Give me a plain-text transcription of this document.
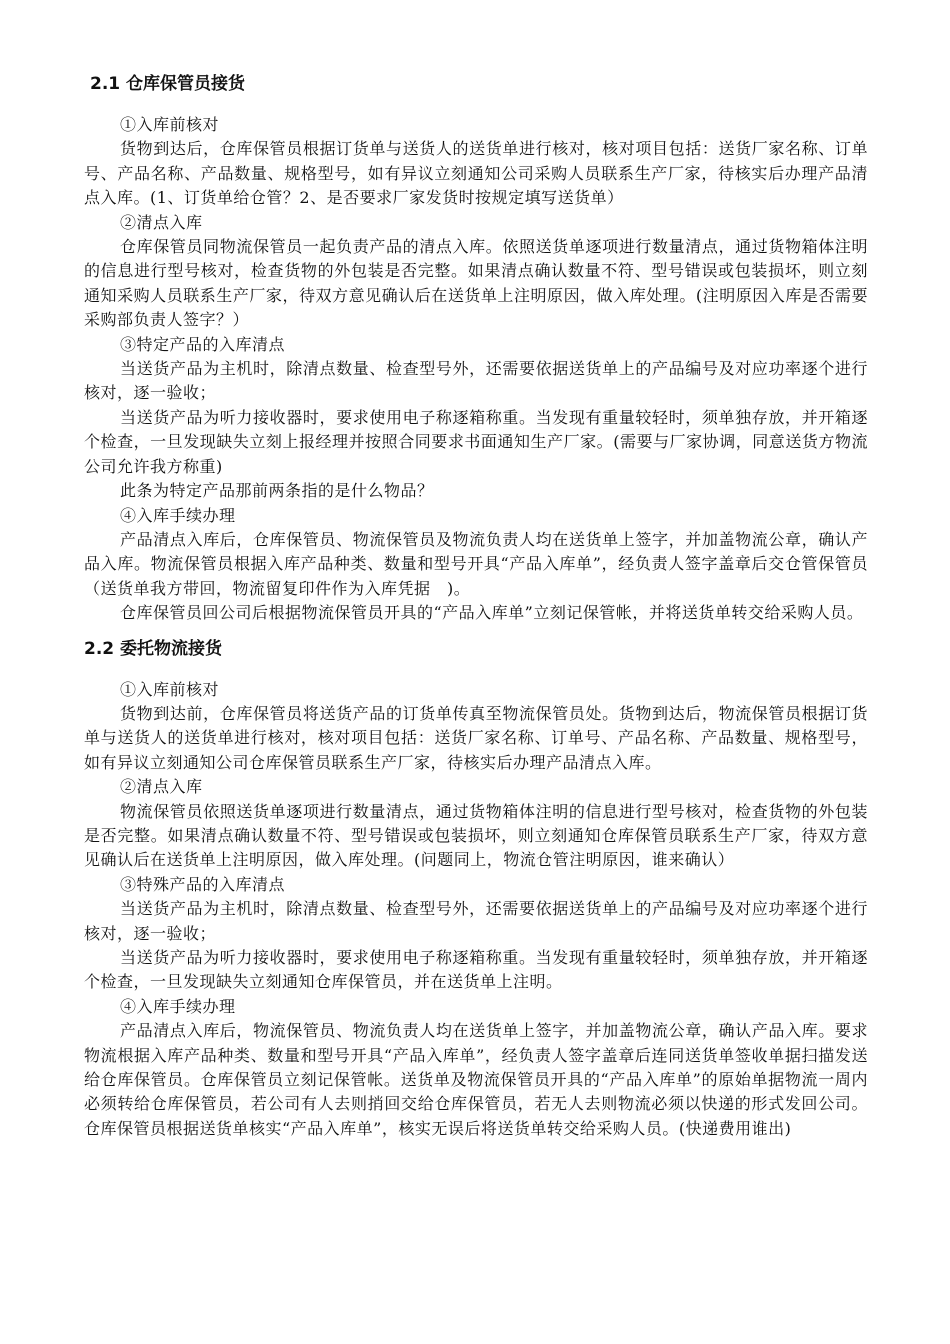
2.1 仓库保管员接货

①入库前核对

货物到达后，仓库保管员根据订货单与送货人的送货单进行核对，核对项目包括：送货厂家名称、订单号、产品名称、产品数量、规格型号，如有异议立刻通知公司采购人员联系生产厂家，待核实后办理产品清点入库。(1、订货单给仓管？2、是否要求厂家发货时按规定填写送货单）

②清点入库

仓库保管员同物流保管员一起负责产品的清点入库。依照送货单逐项进行数量清点，通过货物箱体注明的信息进行型号核对，检查货物的外包装是否完整。如果清点确认数量不符、型号错误或包装损坏，则立刻通知采购人员联系生产厂家，待双方意见确认后在送货单上注明原因，做入库处理。(注明原因入库是否需要采购部负责人签字？）

③特定产品的入库清点

当送货产品为主机时，除清点数量、检查型号外，还需要依据送货单上的产品编号及对应功率逐个进行核对，逐一验收；

当送货产品为听力接收器时，要求使用电子称逐箱称重。当发现有重量较轻时，须单独存放，并开箱逐个检查，一旦发现缺失立刻上报经理并按照合同要求书面通知生产厂家。(需要与厂家协调，同意送货方物流公司允许我方称重)

此条为特定产品那前两条指的是什么物品？

④入库手续办理

产品清点入库后，仓库保管员、物流保管员及物流负责人均在送货单上签字，并加盖物流公章，确认产品入库。物流保管员根据入库产品种类、数量和型号开具“产品入库单”，经负责人签字盖章后交仓管保管员（送货单我方带回，物流留复印件作为入库凭据　)。

仓库保管员回公司后根据物流保管员开具的“产品入库单”立刻记保管帐，并将送货单转交给采购人员。

2.2 委托物流接货

①入库前核对

货物到达前，仓库保管员将送货产品的订货单传真至物流保管员处。货物到达后，物流保管员根据订货单与送货人的送货单进行核对，核对项目包括：送货厂家名称、订单号、产品名称、产品数量、规格型号，如有异议立刻通知公司仓库保管员联系生产厂家，待核实后办理产品清点入库。

②清点入库

物流保管员依照送货单逐项进行数量清点，通过货物箱体注明的信息进行型号核对，检查货物的外包装是否完整。如果清点确认数量不符、型号错误或包装损坏，则立刻通知仓库保管员联系生产厂家，待双方意见确认后在送货单上注明原因，做入库处理。(问题同上，物流仓管注明原因，谁来确认）

③特殊产品的入库清点

当送货产品为主机时，除清点数量、检查型号外，还需要依据送货单上的产品编号及对应功率逐个进行核对，逐一验收；

当送货产品为听力接收器时，要求使用电子称逐箱称重。当发现有重量较轻时，须单独存放，并开箱逐个检查，一旦发现缺失立刻通知仓库保管员，并在送货单上注明。

④入库手续办理

产品清点入库后，物流保管员、物流负责人均在送货单上签字，并加盖物流公章，确认产品入库。要求物流根据入库产品种类、数量和型号开具“产品入库单”，经负责人签字盖章后连同送货单签收单据扫描发送给仓库保管员。仓库保管员立刻记保管帐。送货单及物流保管员开具的“产品入库单”的原始单据物流一周内必须转给仓库保管员，若公司有人去则捎回交给仓库保管员，若无人去则物流必须以快递的形式发回公司。仓库保管员根据送货单核实“产品入库单”，核实无误后将送货单转交给采购人员。(快递费用谁出)
